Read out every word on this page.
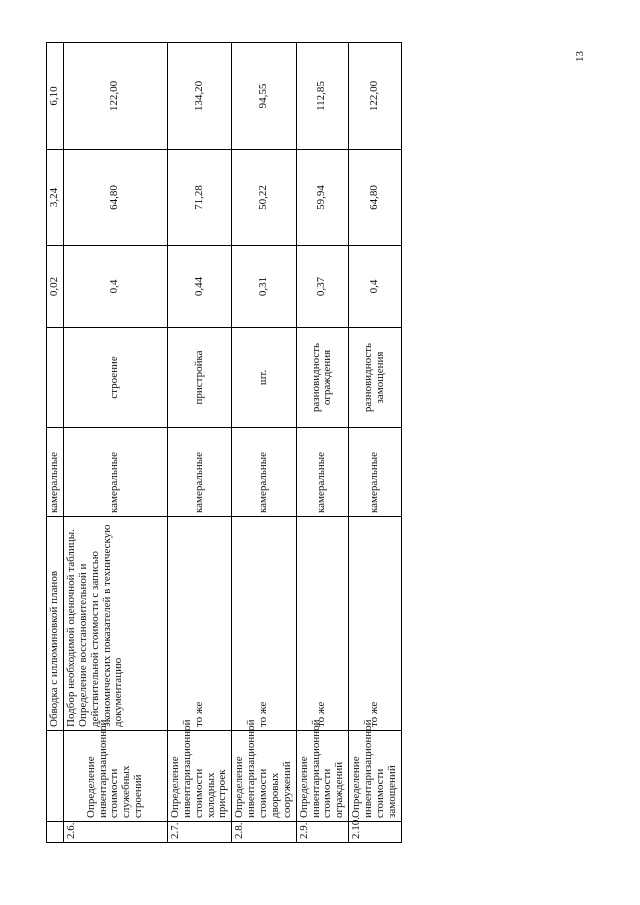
13
		Обводка с иллюминовкой планов	камеральные		0,02	3,24	6,10
2.6.	Определение инвентаризационной стоимости служебных строений	Подбор необходимой оценочной таблицы. Определение восстановительной и действительной стоимости с записью экономических показателей в техническую документацию	камеральные	строение	0,4	64,80	122,00
2.7.	Определение инвентаризационной стоимости холодных пристроек	то же	камеральные	пристройка	0,44	71,28	134,20
2.8.	Определение инвентаризационной стоимости дворовых сооружений	то же	камеральные	шт.	0,31	50,22	94,55
2.9.	Определение инвентаризационной стоимости ограждений	то же	камеральные	разновидность ограждения	0,37	59,94	112,85
2.10.	Определение инвентаризационной стоимости замощений	то же	камеральные	разновидность замощения	0,4	64,80	122,00
